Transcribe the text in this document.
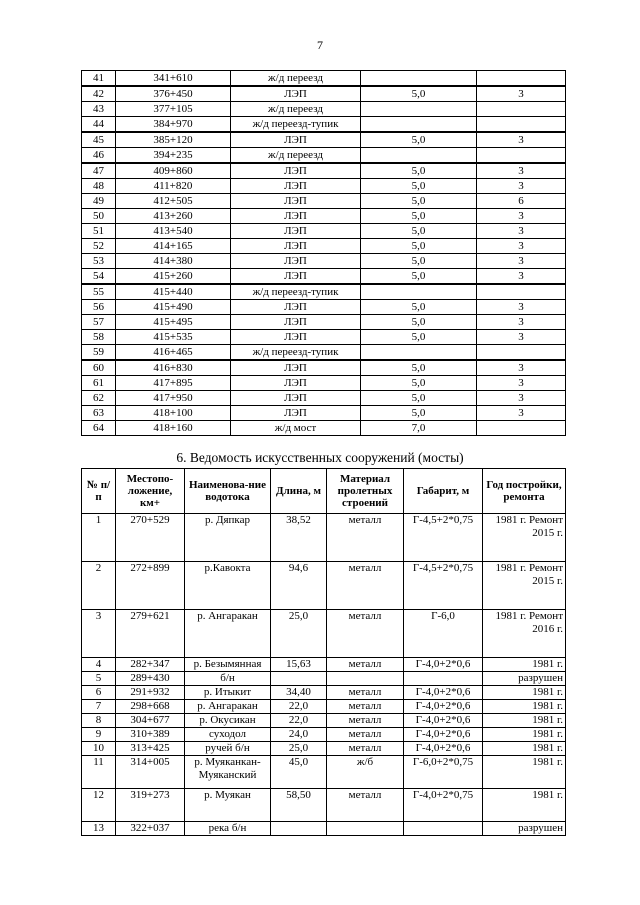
7
41	341+610	ж/д переезд		
42	376+450	ЛЭП	5,0	3
43	377+105	ж/д переезд		
44	384+970	ж/д переезд-тупик		
45	385+120	ЛЭП	5,0	3
46	394+235	ж/д переезд		
47	409+860	ЛЭП	5,0	3
48	411+820	ЛЭП	5,0	3
49	412+505	ЛЭП	5,0	6
50	413+260	ЛЭП	5,0	3
51	413+540	ЛЭП	5,0	3
52	414+165	ЛЭП	5,0	3
53	414+380	ЛЭП	5,0	3
54	415+260	ЛЭП	5,0	3
55	415+440	ж/д переезд-тупик		
56	415+490	ЛЭП	5,0	3
57	415+495	ЛЭП	5,0	3
58	415+535	ЛЭП	5,0	3
59	416+465	ж/д переезд-тупик		
60	416+830	ЛЭП	5,0	3
61	417+895	ЛЭП	5,0	3
62	417+950	ЛЭП	5,0	3
63	418+100	ЛЭП	5,0	3
64	418+160	ж/д мост	7,0	
6. Ведомость искусственных сооружений (мосты)
№ п/п	Местопо-ложение, км+	Наименова-ние водотока	Длина, м	Материал пролетных строений	Габарит, м	Год постройки, ремонта
1	270+529	р. Дяпкар	38,52	металл	Г-4,5+2*0,75	1981 г. Ремонт 2015 г.
2	272+899	р.Кавокта	94,6	металл	Г-4,5+2*0,75	1981 г. Ремонт 2015 г.
3	279+621	р. Ангаракан	25,0	металл	Г-6,0	1981 г. Ремонт 2016 г.
4	282+347	р. Безымянная	15,63	металл	Г-4,0+2*0,6	1981 г.
5	289+430	б/н				разрушен
6	291+932	р. Итыкит	34,40	металл	Г-4,0+2*0,6	1981 г.
7	298+668	р. Ангаракан	22,0	металл	Г-4,0+2*0,6	1981 г.
8	304+677	р. Окусикан	22,0	металл	Г-4,0+2*0,6	1981 г.
9	310+389	суходол	24,0	металл	Г-4,0+2*0,6	1981 г.
10	313+425	ручей б/н	25,0	металл	Г-4,0+2*0,6	1981 г.
11	314+005	р. Муяканкан-Муяканский	45,0	ж/б	Г-6,0+2*0,75	1981 г.
12	319+273	р. Муякан	58,50	металл	Г-4,0+2*0,75	1981 г.
13	322+037	река б/н				разрушен
